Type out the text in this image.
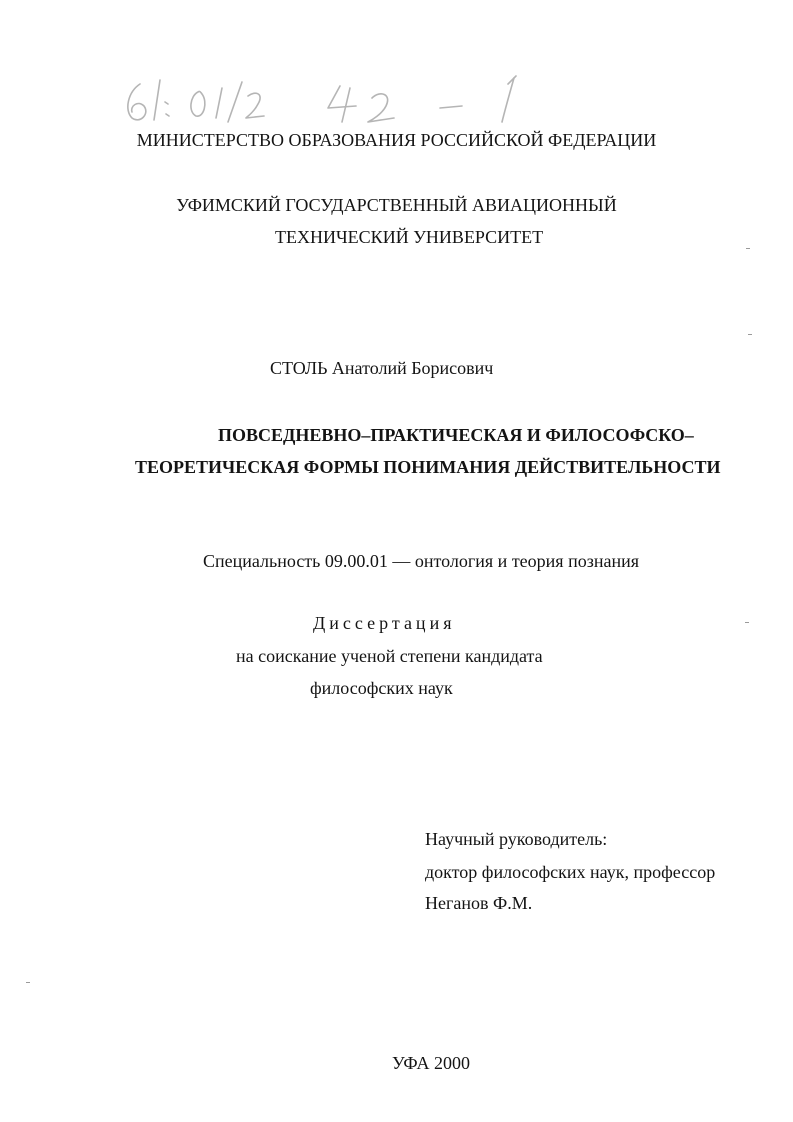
МИНИСТЕРСТВО ОБРАЗОВАНИЯ РОССИЙСКОЙ ФЕДЕРАЦИИ

УФИМСКИЙ ГОСУДАРСТВЕННЫЙ АВИАЦИОННЫЙ

ТЕХНИЧЕСКИЙ УНИВЕРСИТЕТ

СТОЛЬ Анатолий Борисович

ПОВСЕДНЕВНО–ПРАКТИЧЕСКАЯ И ФИЛОСОФСКО–

ТЕОРЕТИЧЕСКАЯ ФОРМЫ ПОНИМАНИЯ ДЕЙСТВИТЕЛЬНОСТИ

Специальность 09.00.01 — онтология и теория познания

Диссертация

на соискание ученой степени кандидата

философских наук

Научный руководитель:

доктор философских наук, профессор

Неганов Ф.М.

УФА 2000
